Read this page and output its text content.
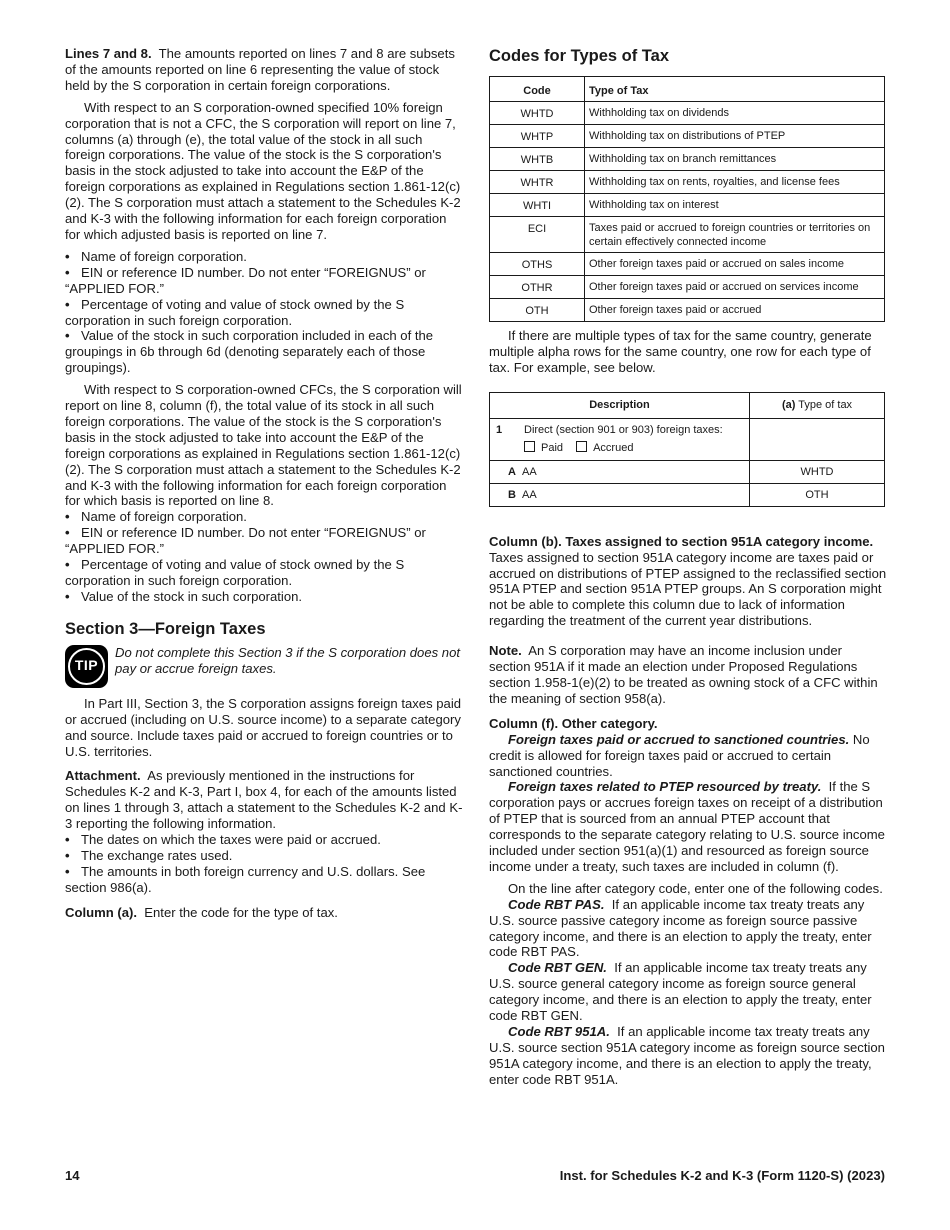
Lines 7 and 8. The amounts reported on lines 7 and 8 are subsets of the amounts reported on line 6 representing the value of stock held by the S corporation in certain foreign corporations.

With respect to an S corporation-owned specified 10% foreign corporation that is not a CFC, the S corporation will report on line 7, columns (a) through (e), the total value of the stock in all such foreign corporations. The value of the stock is the S corporation's basis in the stock adjusted to take into account the E&P of the foreign corporations as explained in Regulations section 1.861-12(c)(2). The S corporation must attach a statement to the Schedules K-2 and K-3 with the following information for each foreign corporation for which adjusted basis is reported on line 7.

• Name of foreign corporation.

• EIN or reference ID number. Do not enter “FOREIGNUS” or “APPLIED FOR.”

• Percentage of voting and value of stock owned by the S corporation in such foreign corporation.

• Value of the stock in such corporation included in each of the groupings in 6b through 6d (denoting separately each of those groupings).

With respect to S corporation-owned CFCs, the S corporation will report on line 8, column (f), the total value of its stock in all such foreign corporations. The value of the stock is the S corporation's basis in the stock adjusted to take into account the E&P of the foreign corporations as explained in Regulations section 1.861-12(c)(2). The S corporation must attach a statement to the Schedules K-2 and K-3 with the following information for each foreign corporation for which basis is reported on line 8.

• Name of foreign corporation.

• EIN or reference ID number. Do not enter “FOREIGNUS” or “APPLIED FOR.”

• Percentage of voting and value of stock owned by the S corporation in such foreign corporation.

• Value of the stock in such corporation.

Section 3—Foreign Taxes
TIP

Do not complete this Section 3 if the S corporation does not pay or accrue foreign taxes.

In Part III, Section 3, the S corporation assigns foreign taxes paid or accrued (including on U.S. source income) to a separate category and source. Include taxes paid or accrued to foreign countries or to U.S. territories.

Attachment. As previously mentioned in the instructions for Schedules K-2 and K-3, Part I, box 4, for each of the amounts listed on lines 1 through 3, attach a statement to the Schedules K-2 and K-3 reporting the following information.

• The dates on which the taxes were paid or accrued.

• The exchange rates used.

• The amounts in both foreign currency and U.S. dollars. See section 986(a).

Column (a). Enter the code for the type of tax.

Codes for Types of Tax
Code	Type of Tax
WHTD	Withholding tax on dividends
WHTP	Withholding tax on distributions of PTEP
WHTB	Withholding tax on branch remittances
WHTR	Withholding tax on rents, royalties, and license fees
WHTI	Withholding tax on interest
ECI	Taxes paid or accrued to foreign countries or territories on certain effectively connected income
OTHS	Other foreign taxes paid or accrued on sales income
OTHR	Other foreign taxes paid or accrued on services income
OTH	Other foreign taxes paid or accrued

If there are multiple types of tax for the same country, generate multiple alpha rows for the same country, one row for each type of tax. For example, see below.

Description	(a) Type of tax

1 Direct (section 901 or 903) foreign taxes:
Paid Accrued	

A AA	WHTD
B AA	OTH

Column (b). Taxes assigned to section 951A category income.  Taxes assigned to section 951A category income are taxes paid or accrued on distributions of PTEP assigned to the reclassified section 951A PTEP and section 951A PTEP groups. An S corporation might not be able to complete this column due to lack of information regarding the treatment of the current year distributions.

Note. An S corporation may have an income inclusion under section 951A if it made an election under Proposed Regulations section 1.958-1(e)(2) to be treated as owning stock of a CFC within the meaning of section 958(a).

Column (f). Other category.

Foreign taxes paid or accrued to sanctioned countries. No credit is allowed for foreign taxes paid or accrued to certain sanctioned countries.

Foreign taxes related to PTEP resourced by treaty. If the S corporation pays or accrues foreign taxes on receipt of a distribution of PTEP that is sourced from an annual PTEP account that corresponds to the separate category relating to U.S. source income included under section 951(a)(1) and resourced as foreign source income under a treaty, such taxes are included in column (f).

On the line after category code, enter one of the following codes.

Code RBT PAS. If an applicable income tax treaty treats any U.S. source passive category income as foreign source passive category income, and there is an election to apply the treaty, enter code RBT PAS.

Code RBT GEN. If an applicable income tax treaty treats any U.S. source general category income as foreign source general category income, and there is an election to apply the treaty, enter code RBT GEN.

Code RBT 951A. If an applicable income tax treaty treats any U.S. source section 951A category income as foreign source section 951A category income, and there is an election to apply the treaty, enter code RBT 951A.

14	Inst. for Schedules K-2 and K-3 (Form 1120-S) (2023)
